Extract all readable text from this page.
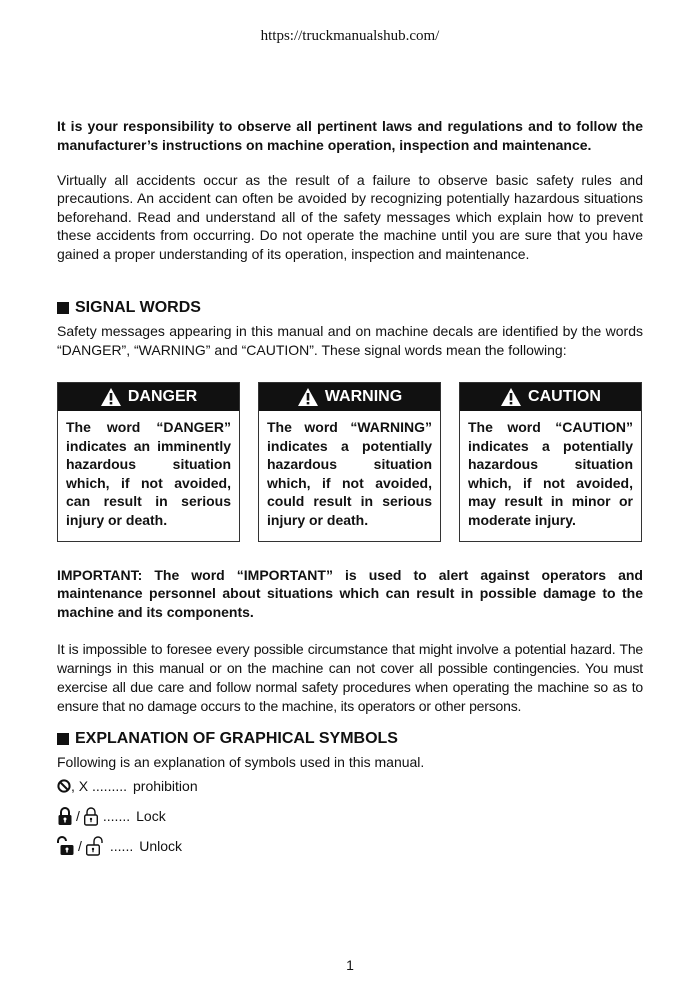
https://truckmanualshub.com/

It is your responsibility to observe all pertinent laws and regulations and to follow the manufacturer’s instructions on machine operation, inspection and maintenance.

Virtually all accidents occur as the result of a failure to observe basic safety rules and precautions. An accident can often be avoided by recognizing potentially hazardous situations beforehand. Read and understand all of the safety messages which explain how to prevent these accidents from occurring. Do not operate the machine until you are sure that you have gained a proper understanding of its operation, inspection and maintenance.

SIGNAL WORDS

Safety messages appearing in this manual and on machine decals are identified by the words “DANGER”, “WARNING” and “CAUTION”. These signal words mean the following:

DANGER
The word “DANGER” indicates an imminently hazardous situation which, if not avoided, can result in serious injury or death.
WARNING
The word “WARNING” indicates a potentially hazardous situation which, if not avoided, could result in serious injury or death.
CAUTION
The word “CAUTION” indicates a potentially hazardous situation which, if not avoided, may result in minor or moderate injury.

IMPORTANT: The word “IMPORTANT” is used to alert against operators and maintenance personnel about situations which can result in possible damage to the machine and its components.

It is impossible to foresee every possible circumstance that might involve a potential hazard. The warnings in this manual or on the machine can not cover all possible contingencies. You must exercise all due care and follow normal safety procedures when operating the machine so as to ensure that no damage occurs to the machine, its operators or other persons.

EXPLANATION OF GRAPHICAL SYMBOLS

Following is an explanation of symbols used in this manual.

, X ......... prohibition
/ ....... Lock
/ ...... Unlock
1
